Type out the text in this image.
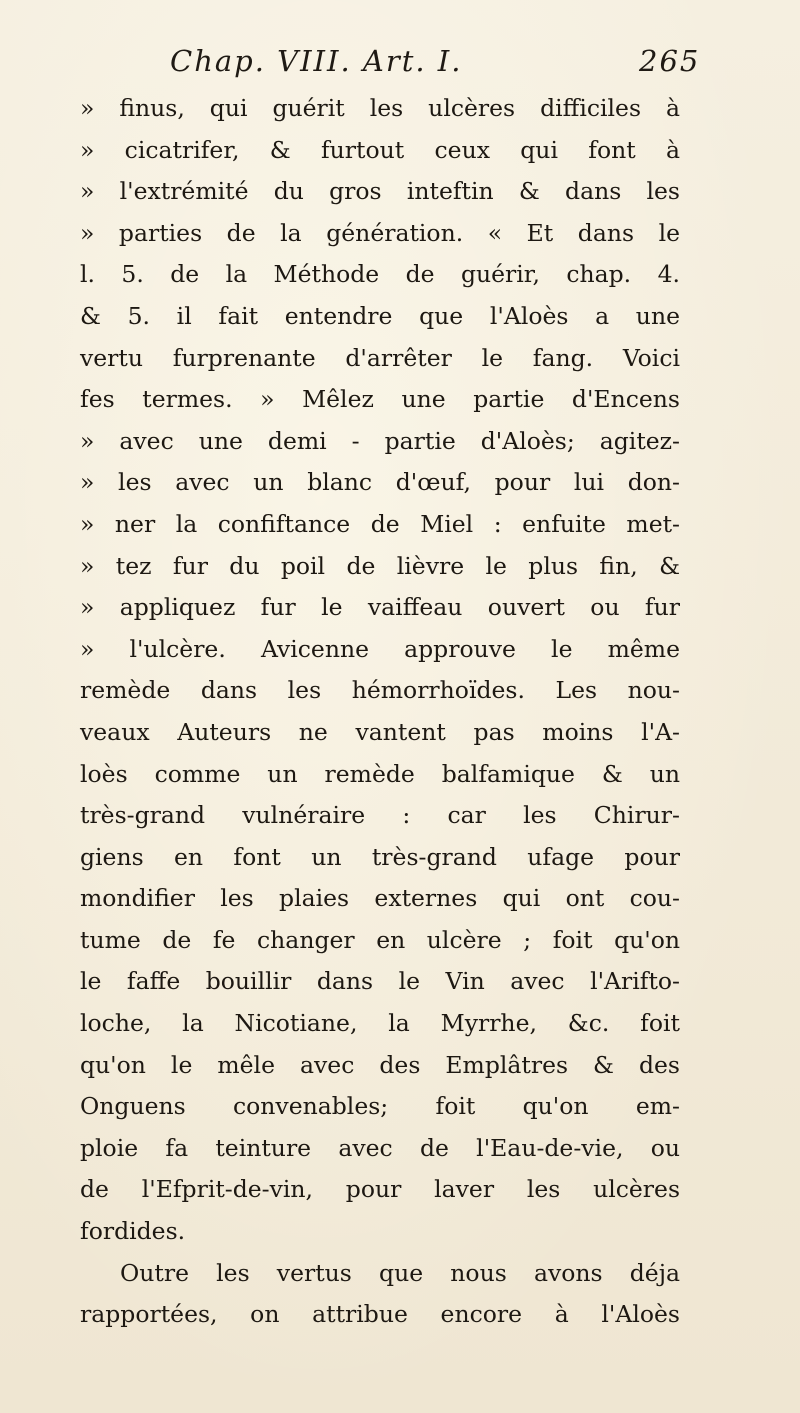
Chap. VIII. Art. I.	265
» finus, qui guérit les ulcères difficiles à
» cicatrifer, & furtout ceux qui font à
» l'extrémité du gros inteftin & dans les
» parties de la génération. « Et dans le
l. 5. de la Méthode de guérir, chap. 4.
& 5. il fait entendre que l'Aloès a une
vertu furprenante d'arrêter le fang. Voici
fes termes. » Mêlez une partie d'Encens
» avec une demi - partie d'Aloès; agitez-
» les avec un blanc d'œuf, pour lui don-
» ner la confiftance de Miel : enfuite met-
» tez fur du poil de lièvre le plus fin, &
» appliquez fur le vaiffeau ouvert ou fur
» l'ulcère. Avicenne approuve le même
remède dans les hémorrhoïdes. Les nou-
veaux Auteurs ne vantent pas moins l'A-
loès comme un remède balfamique & un
très-grand vulnéraire : car les Chirur-
giens en font un très-grand ufage pour
mondifier les plaies externes qui ont cou-
tume de fe changer en ulcère ; foit qu'on
le faffe bouillir dans le Vin avec l'Arifto-
loche, la Nicotiane, la Myrrhe, &c. foit
qu'on le mêle avec des Emplâtres & des
Onguens convenables; foit qu'on em-
ploie fa teinture avec de l'Eau-de-vie, ou
de l'Efprit-de-vin, pour laver les ulcères
fordides.
Outre les vertus que nous avons déja
rapportées, on attribue encore à l'Aloès
